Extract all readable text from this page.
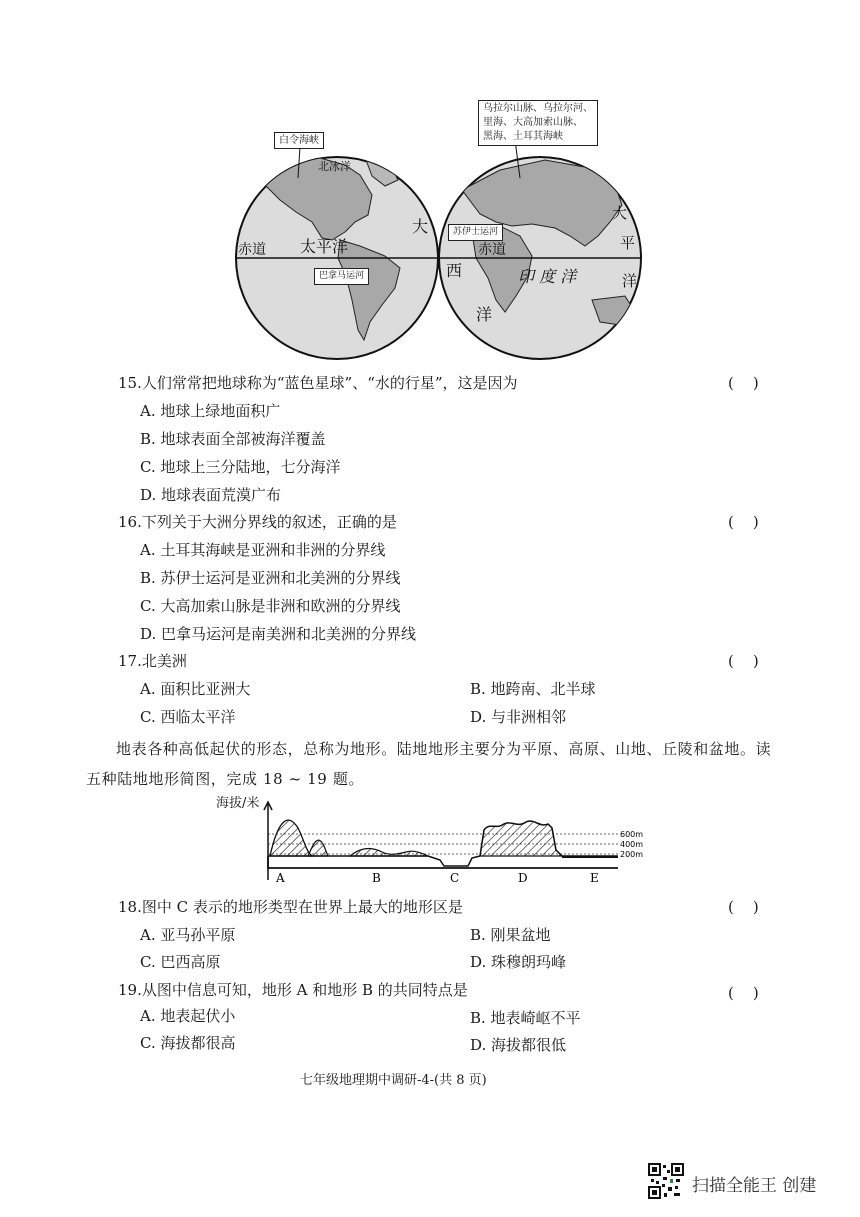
北冰洋
赤道 太平洋
大
赤道
西
洋
印 度 洋
大
平
洋
白令海峡
巴拿马运河
苏伊士运河
乌拉尔山脉、乌拉尔河、
里海、大高加索山脉、
黑海、土耳其海峡
15.人们常常把地球称为“蓝色星球”、“水的行星”，这是因为	(    )
A. 地球上绿地面积广
B. 地球表面全部被海洋覆盖
C. 地球上三分陆地，七分海洋
D. 地球表面荒漠广布
16.下列关于大洲分界线的叙述，正确的是	(    )
A. 土耳其海峡是亚洲和非洲的分界线
B. 苏伊士运河是亚洲和北美洲的分界线
C. 大高加索山脉是非洲和欧洲的分界线
D. 巴拿马运河是南美洲和北美洲的分界线
17.北美洲	(    )
A. 面积比亚洲大	B. 地跨南、北半球
C. 西临太平洋	D. 与非洲相邻
地表各种高低起伏的形态，总称为地形。陆地地形主要分为平原、高原、山地、丘陵和盆地。读
五种陆地地形简图，完成 18 ~ 19 题。
海拔/米
600m
400m
200m
A	B	C	D	E
18.图中 C 表示的地形类型在世界上最大的地形区是	(    )
A. 亚马孙平原	B. 刚果盆地
C. 巴西高原	D. 珠穆朗玛峰
19.从图中信息可知，地形 A 和地形 B 的共同特点是	(    )
A. 地表起伏小	B. 地表崎岖不平
C. 海拔都很高	D. 海拔都很低
七年级地理期中调研-4-(共 8 页)
扫描全能王 创建
